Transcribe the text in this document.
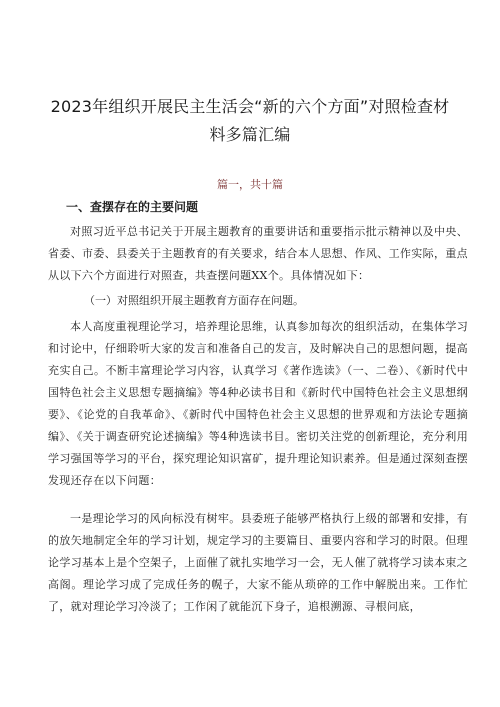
2023年组织开展民主生活会“新的六个方面”对照检查材
料多篇汇编
篇一，共十篇
一、查摆存在的主要问题

对照习近平总书记关于开展主题教育的重要讲话和重要指示批示精神以及中央、省委、市委、县委关于主题教育的有关要求，结合本人思想、作风、工作实际，重点从以下六个方面进行对照查，共查摆问题XX个。具体情况如下：

（一）对照组织开展主题教育方面存在问题。

本人高度重视理论学习，培养理论思维，认真参加每次的组织活动，在集体学习和讨论中，仔细聆听大家的发言和准备自己的发言，及时解决自己的思想问题，提高充实自己。不断丰富理论学习内容，认真学习《著作选读》（一、二卷）、《新时代中国特色社会主义思想专题摘编》等4种必读书目和《新时代中国特色社会主义思想纲要》、《论党的自我革命》、《新时代中国特色社会主义思想的世界观和方法论专题摘编》、《关于调查研究论述摘编》等4种选读书目。密切关注党的创新理论，充分利用学习强国等学习的平台，探究理论知识富矿，提升理论知识素养。但是通过深刻查摆发现还存在以下问题：

一是理论学习的风向标没有树牢。县委班子能够严格执行上级的部署和安排，有的放矢地制定全年的学习计划，规定学习的主要篇目、重要内容和学习的时限。但理论学习基本上是个空架子，上面催了就扎实地学习一会，无人催了就将学习读本束之高阁。理论学习成了完成任务的幌子，大家不能从琐碎的工作中解脱出来。工作忙了，就对理论学习冷淡了；工作闲了就能沉下身子，追根溯源、寻根问底，
